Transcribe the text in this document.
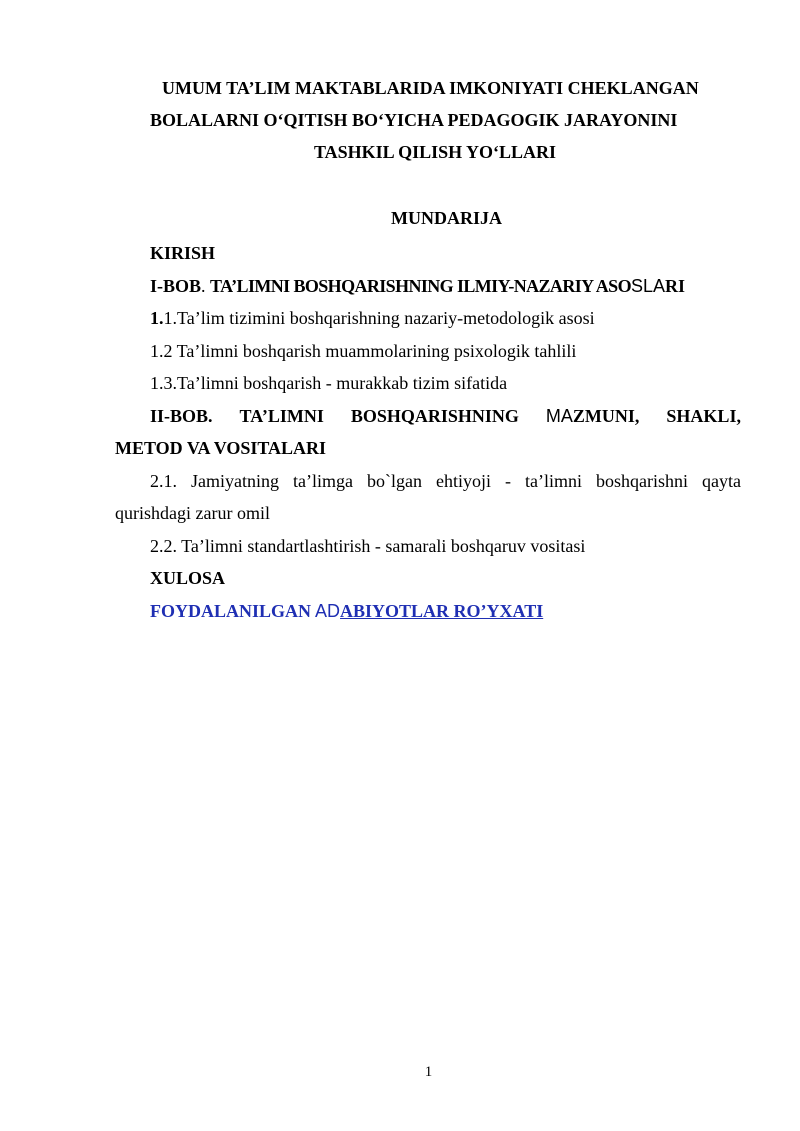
UMUM TA’LIM MAKTABLARIDA IMKONIYATI CHEKLANGAN
BOLALARNI O‘QITISH BO‘YICHA PEDAGOGIK JARAYONINI
TASHKIL QILISH YO‘LLARI
MUNDARIJA
KIRISH
I-BOB. TA’LIMNI BOSHQARISHNING ILMIY-NAZARIY ASOSLARI
1.1.Ta’lim tizimini boshqarishning nazariy-metodologik asosi
1.2 Ta’limni boshqarish muammolarining psixologik tahlili
1.3.Ta’limni boshqarish - murakkab tizim sifatida
II-BOB. TA’LIMNI BOSHQARISHNING MAZMUNI, SHAKLI,
METOD VA VOSITALARI
2.1. Jamiyatning ta’limga bo`lgan ehtiyoji - ta’limni boshqarishni qayta
qurishdagi zarur omil
2.2. Ta’limni standartlashtirish - samarali boshqaruv vositasi
XULOSA
FOYDALANILGAN ADABIYOTLAR RO’YXATI
1
